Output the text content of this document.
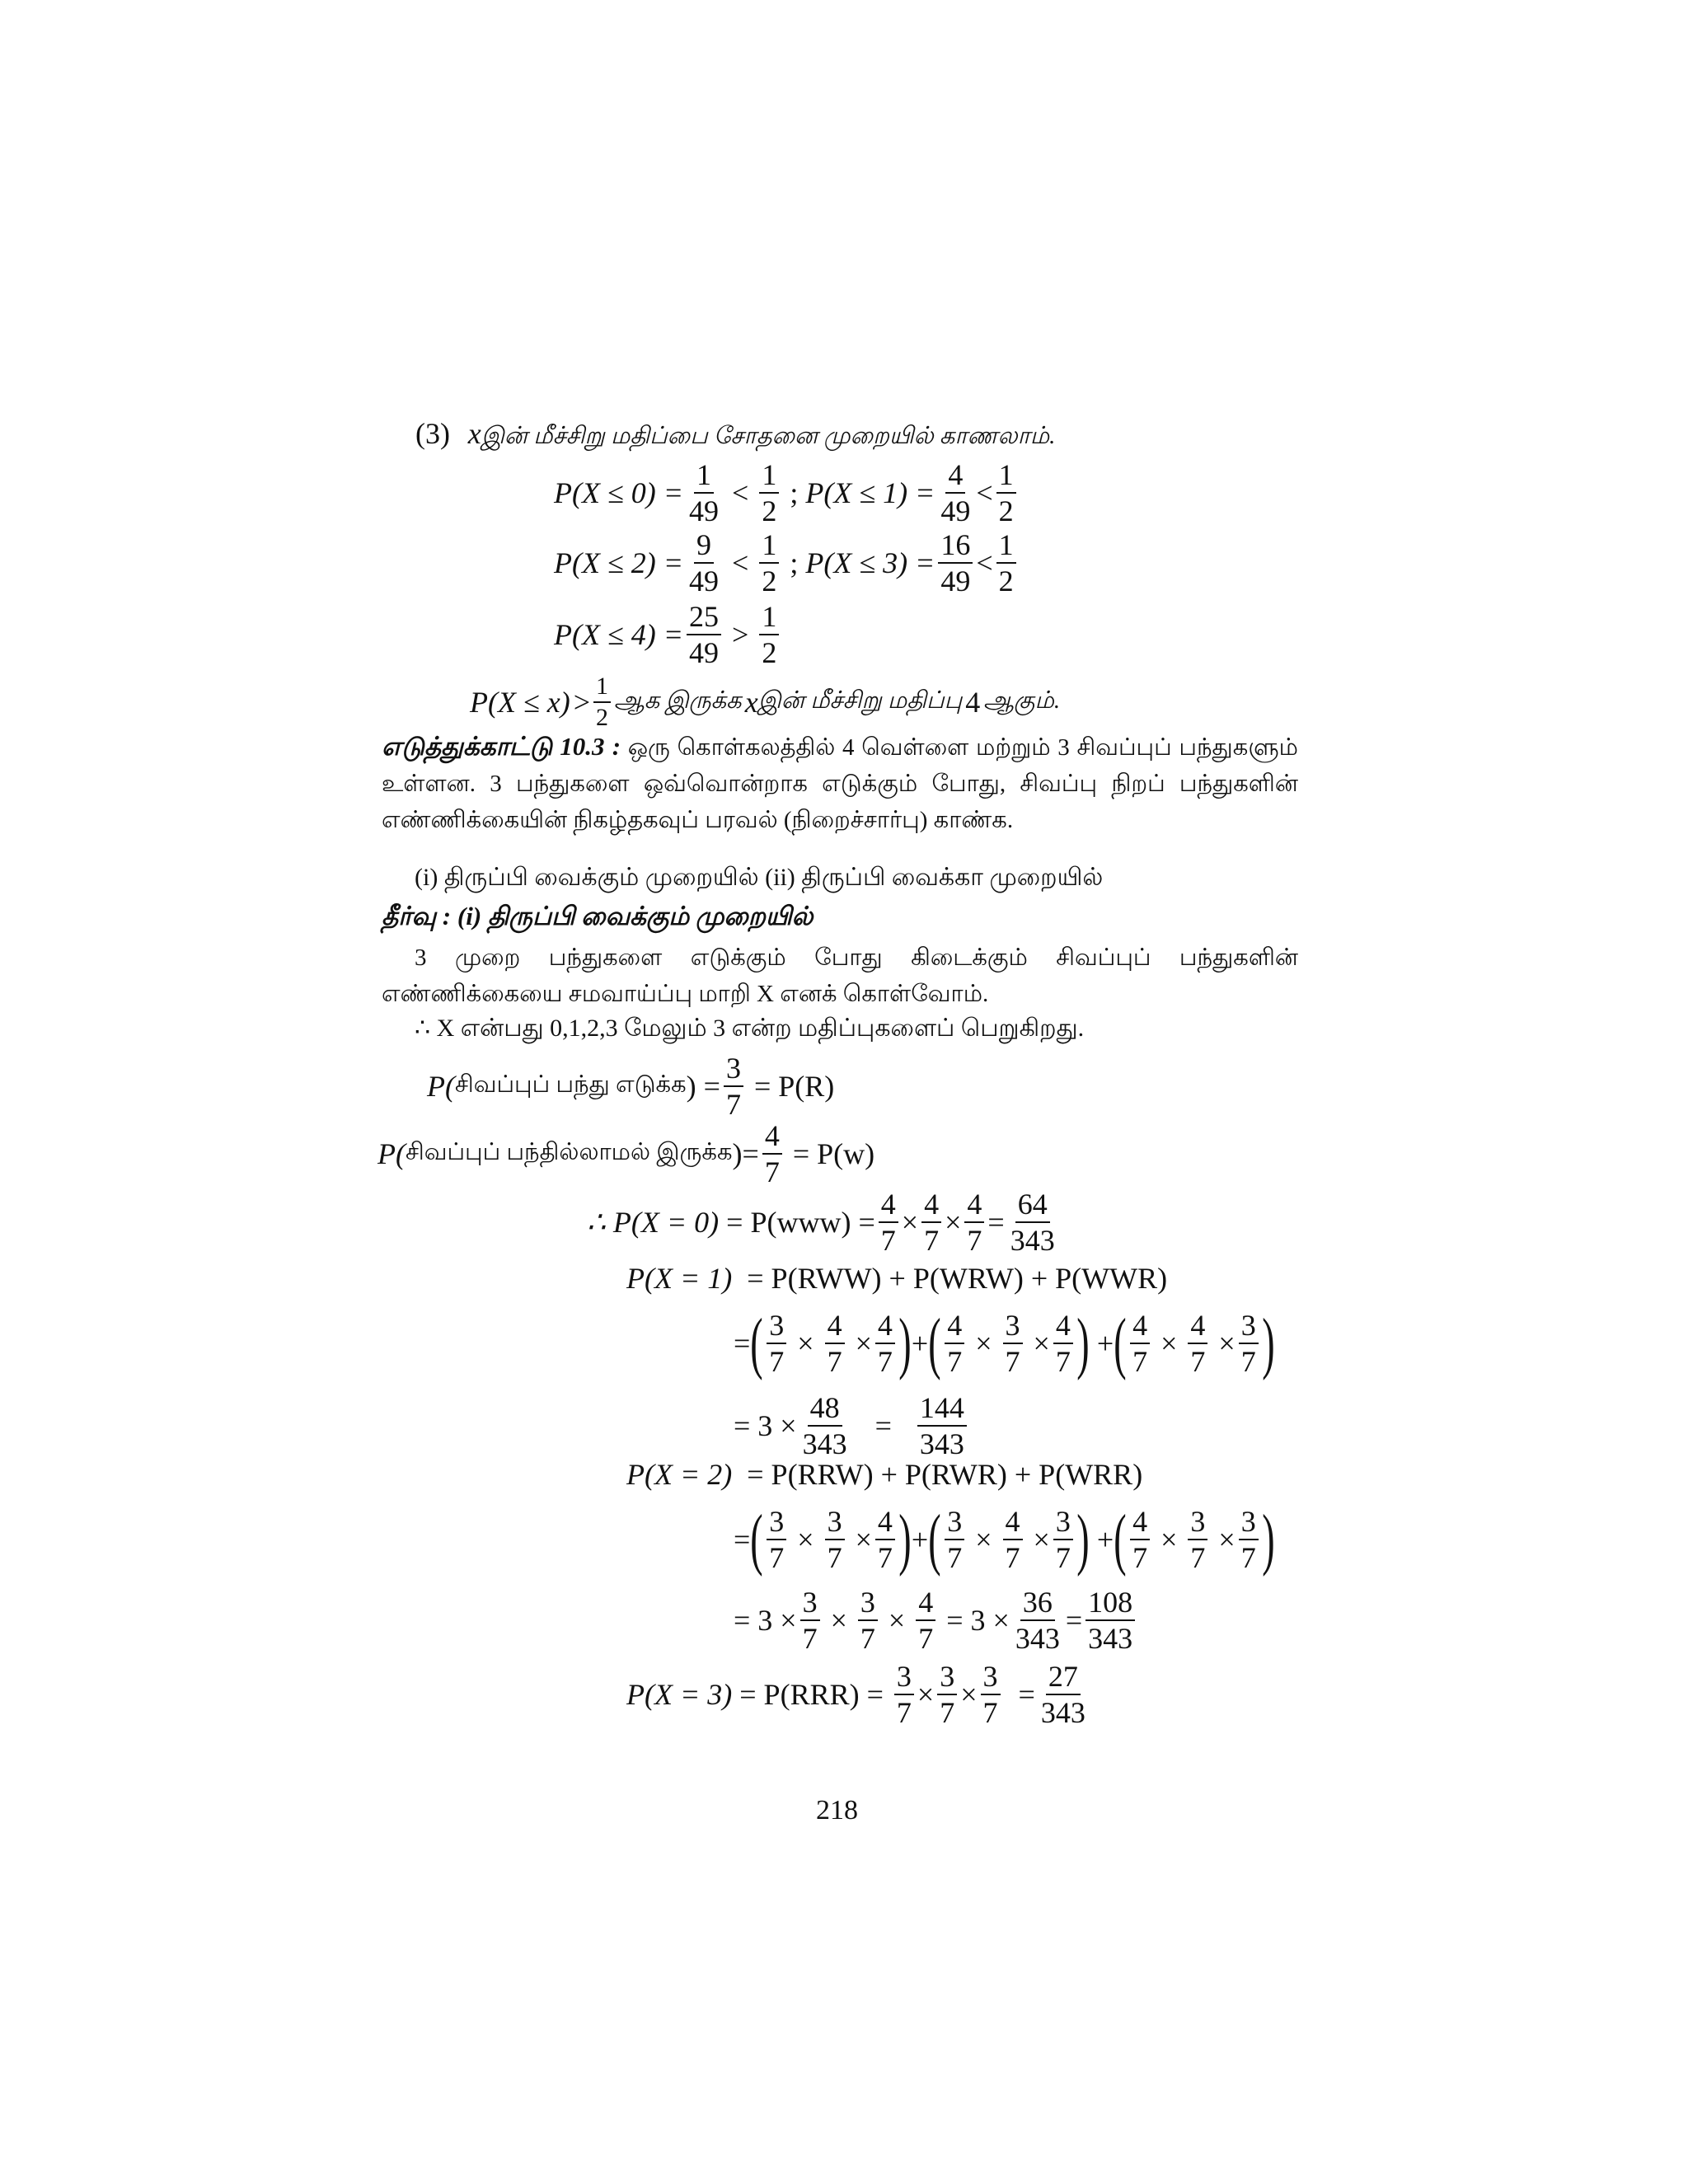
(3) xஇன் மீச்சிறு மதிப்பை சோதனை முறையில் காணலாம்.
$P(X \le 0) = \frac{1}{49}$
<

1
2

;
$P(X \le 1) = \frac{4}{49}$ <
1
2
$P(X \le 2) = \frac{9}{49}$
<

1
2

;
$P(X \le 3) = \frac{16}{49}$ <
1
2
$P(X \le 4) = \frac{25}{49}$
>

1
2
P(X ≤ x)
> 1
2
ஆக இருக்க
x இன் மீச்சிறு மதிப்பு
4
ஆகும்.
எடுத்துக்காட்டு 10.3 : ஒரு கொள்கலத்தில் 4 வெள்ளை மற்றும் 3 சிவப்புப் பந்துகளும் உள்ளன. 3 பந்துகளை ஒவ்வொன்றாக எடுக்கும் போது, சிவப்பு நிறப் பந்துகளின் எண்ணிக்கையின் நிகழ்தகவுப் பரவல் (நிறைச்சார்பு) காண்க.
(i) திருப்பி வைக்கும் முறையில் (ii) திருப்பி வைக்கா முறையில்
தீர்வு : (i) திருப்பி வைக்கும் முறையில்
3 முறை பந்துகளை எடுக்கும் போது கிடைக்கும் சிவப்புப் பந்துகளின் எண்ணிக்கையை சமவாய்ப்பு மாறி X எனக் கொள்வோம்.
∴ X என்பது 0,1,2,3 மேலும் 3 என்ற மதிப்புகளைப் பெறுகிறது.
P( சிவப்புப் பந்து எடுக்க ) = $\frac{3}{7}$
= P(R)
P( சிவப்புப் பந்தில்லாமல் இருக்க )= $\frac{4}{7}$
= P(w)
∴ P(X = 0)
= $P(www) = \frac{4}{7} \times \frac{4}{7} \times \frac{4}{7} = \frac{64}{343}$
P(X = 1) = P(RWW) + P(WRW) + P(WWR)
= ( $\frac{3}{7}$
×
$\frac{4}{7}$
× $\frac{4}{7}$ ) + ( $\frac{4}{7}$
×
$\frac{3}{7}$
× $\frac{4}{7}$ )
+ ( $\frac{4}{7}$
×
$\frac{4}{7}$
× $\frac{3}{7}$ )
= $3 \times \frac{48}{343}$
=
$\frac{144}{343}$
P(X = 2) = P(RRW) + P(RWR) + P(WRR)
= ( $\frac{3}{7}$
×
$\frac{3}{7}$
× $\frac{4}{7}$ ) + ( $\frac{3}{7}$
×
$\frac{4}{7}$
× $\frac{3}{7}$ )
+ ( $\frac{4}{7}$
×
$\frac{3}{7}$
× $\frac{3}{7}$ )
= $3 \times \frac{3}{7}$
×
$\frac{3}{7}$
×
$\frac{4}{7}$
= $3 \times \frac{36}{343} = \frac{108}{343}$
P(X = 3)
= P(RRR) =
$\frac{3}{7} \times \frac{3}{7} \times \frac{3}{7}$
= $\frac{27}{343}$
218
